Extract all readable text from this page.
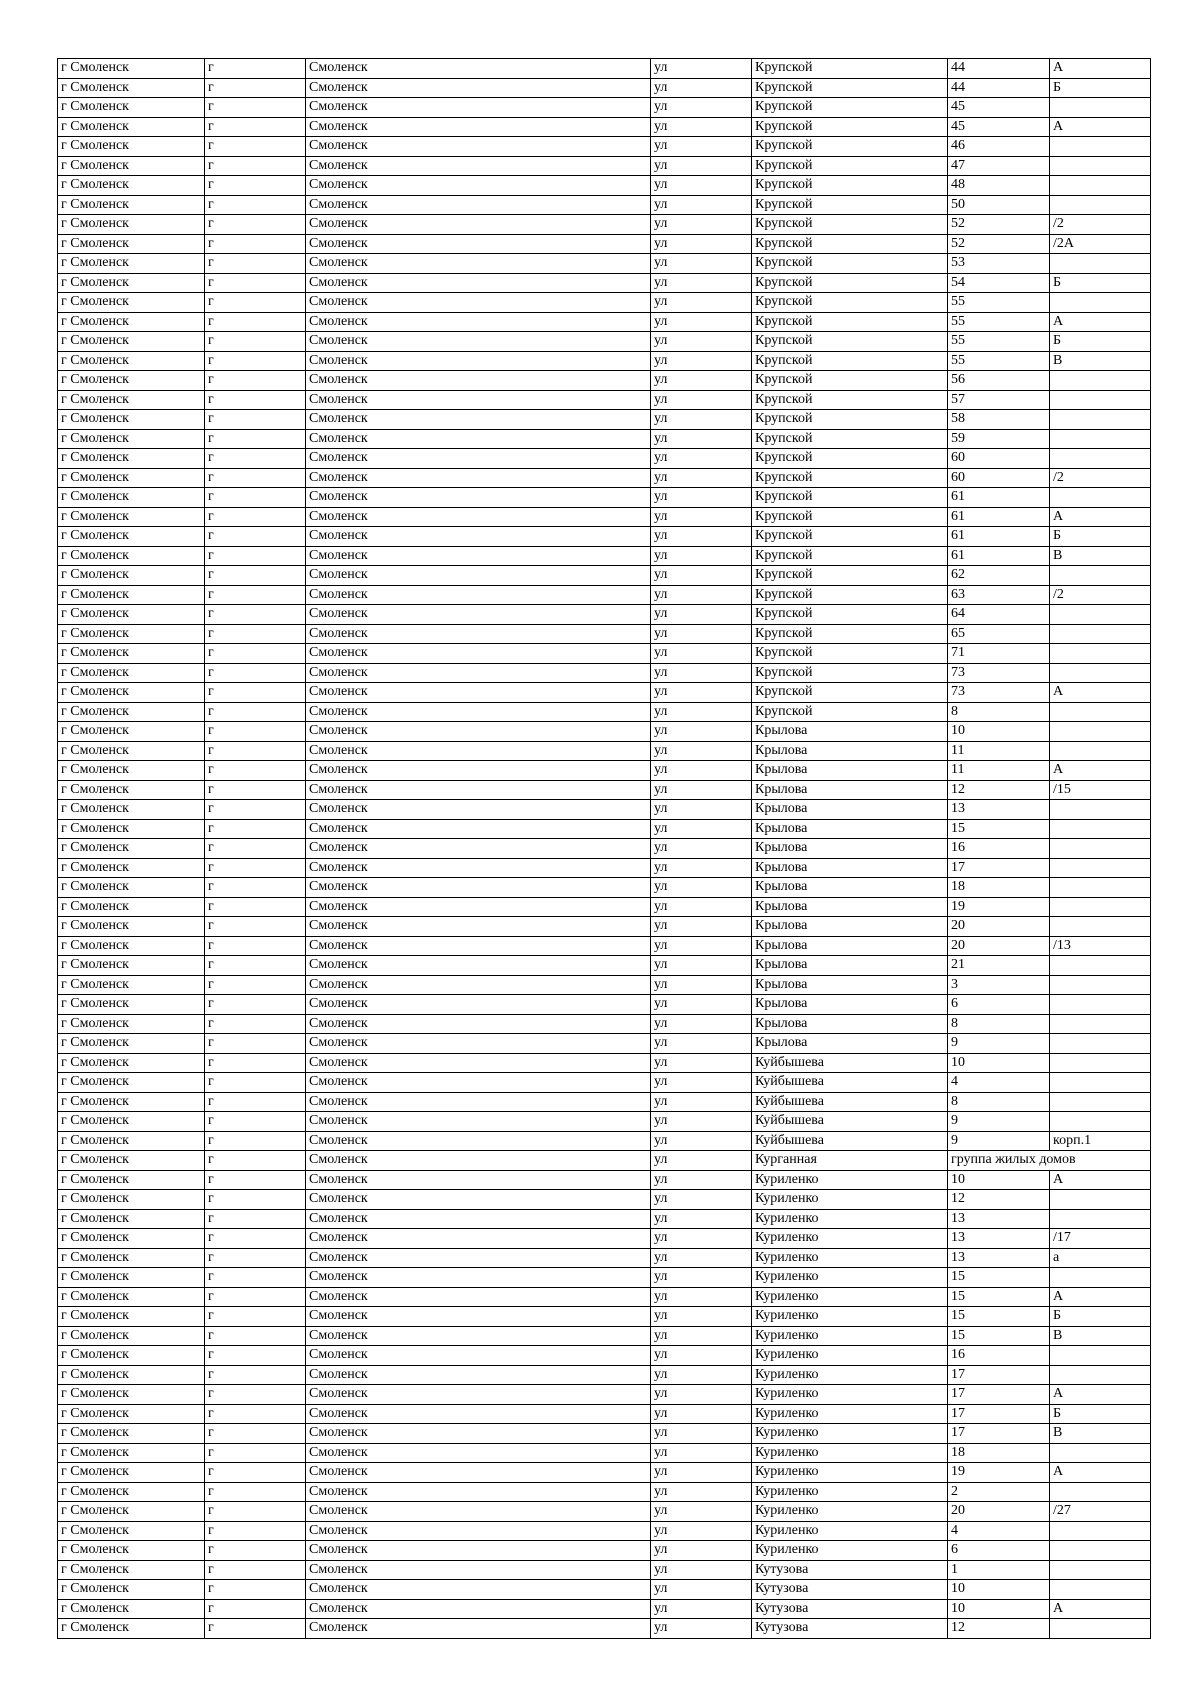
г Смоленск	г	Смоленск	ул	Крупской	44	А
г Смоленск	г	Смоленск	ул	Крупской	44	Б
г Смоленск	г	Смоленск	ул	Крупской	45	
г Смоленск	г	Смоленск	ул	Крупской	45	А
г Смоленск	г	Смоленск	ул	Крупской	46	
г Смоленск	г	Смоленск	ул	Крупской	47	
г Смоленск	г	Смоленск	ул	Крупской	48	
г Смоленск	г	Смоленск	ул	Крупской	50	
г Смоленск	г	Смоленск	ул	Крупской	52	/2
г Смоленск	г	Смоленск	ул	Крупской	52	/2А
г Смоленск	г	Смоленск	ул	Крупской	53	
г Смоленск	г	Смоленск	ул	Крупской	54	Б
г Смоленск	г	Смоленск	ул	Крупской	55	
г Смоленск	г	Смоленск	ул	Крупской	55	А
г Смоленск	г	Смоленск	ул	Крупской	55	Б
г Смоленск	г	Смоленск	ул	Крупской	55	В
г Смоленск	г	Смоленск	ул	Крупской	56	
г Смоленск	г	Смоленск	ул	Крупской	57	
г Смоленск	г	Смоленск	ул	Крупской	58	
г Смоленск	г	Смоленск	ул	Крупской	59	
г Смоленск	г	Смоленск	ул	Крупской	60	
г Смоленск	г	Смоленск	ул	Крупской	60	/2
г Смоленск	г	Смоленск	ул	Крупской	61	
г Смоленск	г	Смоленск	ул	Крупской	61	А
г Смоленск	г	Смоленск	ул	Крупской	61	Б
г Смоленск	г	Смоленск	ул	Крупской	61	В
г Смоленск	г	Смоленск	ул	Крупской	62	
г Смоленск	г	Смоленск	ул	Крупской	63	/2
г Смоленск	г	Смоленск	ул	Крупской	64	
г Смоленск	г	Смоленск	ул	Крупской	65	
г Смоленск	г	Смоленск	ул	Крупской	71	
г Смоленск	г	Смоленск	ул	Крупской	73	
г Смоленск	г	Смоленск	ул	Крупской	73	А
г Смоленск	г	Смоленск	ул	Крупской	8	
г Смоленск	г	Смоленск	ул	Крылова	10	
г Смоленск	г	Смоленск	ул	Крылова	11	
г Смоленск	г	Смоленск	ул	Крылова	11	А
г Смоленск	г	Смоленск	ул	Крылова	12	/15
г Смоленск	г	Смоленск	ул	Крылова	13	
г Смоленск	г	Смоленск	ул	Крылова	15	
г Смоленск	г	Смоленск	ул	Крылова	16	
г Смоленск	г	Смоленск	ул	Крылова	17	
г Смоленск	г	Смоленск	ул	Крылова	18	
г Смоленск	г	Смоленск	ул	Крылова	19	
г Смоленск	г	Смоленск	ул	Крылова	20	
г Смоленск	г	Смоленск	ул	Крылова	20	/13
г Смоленск	г	Смоленск	ул	Крылова	21	
г Смоленск	г	Смоленск	ул	Крылова	3	
г Смоленск	г	Смоленск	ул	Крылова	6	
г Смоленск	г	Смоленск	ул	Крылова	8	
г Смоленск	г	Смоленск	ул	Крылова	9	
г Смоленск	г	Смоленск	ул	Куйбышева	10	
г Смоленск	г	Смоленск	ул	Куйбышева	4	
г Смоленск	г	Смоленск	ул	Куйбышева	8	
г Смоленск	г	Смоленск	ул	Куйбышева	9	
г Смоленск	г	Смоленск	ул	Куйбышева	9	корп.1
г Смоленск	г	Смоленск	ул	Курганная	группа жилых домов	
г Смоленск	г	Смоленск	ул	Куриленко	10	А
г Смоленск	г	Смоленск	ул	Куриленко	12	
г Смоленск	г	Смоленск	ул	Куриленко	13	
г Смоленск	г	Смоленск	ул	Куриленко	13	/17
г Смоленск	г	Смоленск	ул	Куриленко	13	а
г Смоленск	г	Смоленск	ул	Куриленко	15	
г Смоленск	г	Смоленск	ул	Куриленко	15	А
г Смоленск	г	Смоленск	ул	Куриленко	15	Б
г Смоленск	г	Смоленск	ул	Куриленко	15	В
г Смоленск	г	Смоленск	ул	Куриленко	16	
г Смоленск	г	Смоленск	ул	Куриленко	17	
г Смоленск	г	Смоленск	ул	Куриленко	17	А
г Смоленск	г	Смоленск	ул	Куриленко	17	Б
г Смоленск	г	Смоленск	ул	Куриленко	17	В
г Смоленск	г	Смоленск	ул	Куриленко	18	
г Смоленск	г	Смоленск	ул	Куриленко	19	А
г Смоленск	г	Смоленск	ул	Куриленко	2	
г Смоленск	г	Смоленск	ул	Куриленко	20	/27
г Смоленск	г	Смоленск	ул	Куриленко	4	
г Смоленск	г	Смоленск	ул	Куриленко	6	
г Смоленск	г	Смоленск	ул	Кутузова	1	
г Смоленск	г	Смоленск	ул	Кутузова	10	
г Смоленск	г	Смоленск	ул	Кутузова	10	А
г Смоленск	г	Смоленск	ул	Кутузова	12	
